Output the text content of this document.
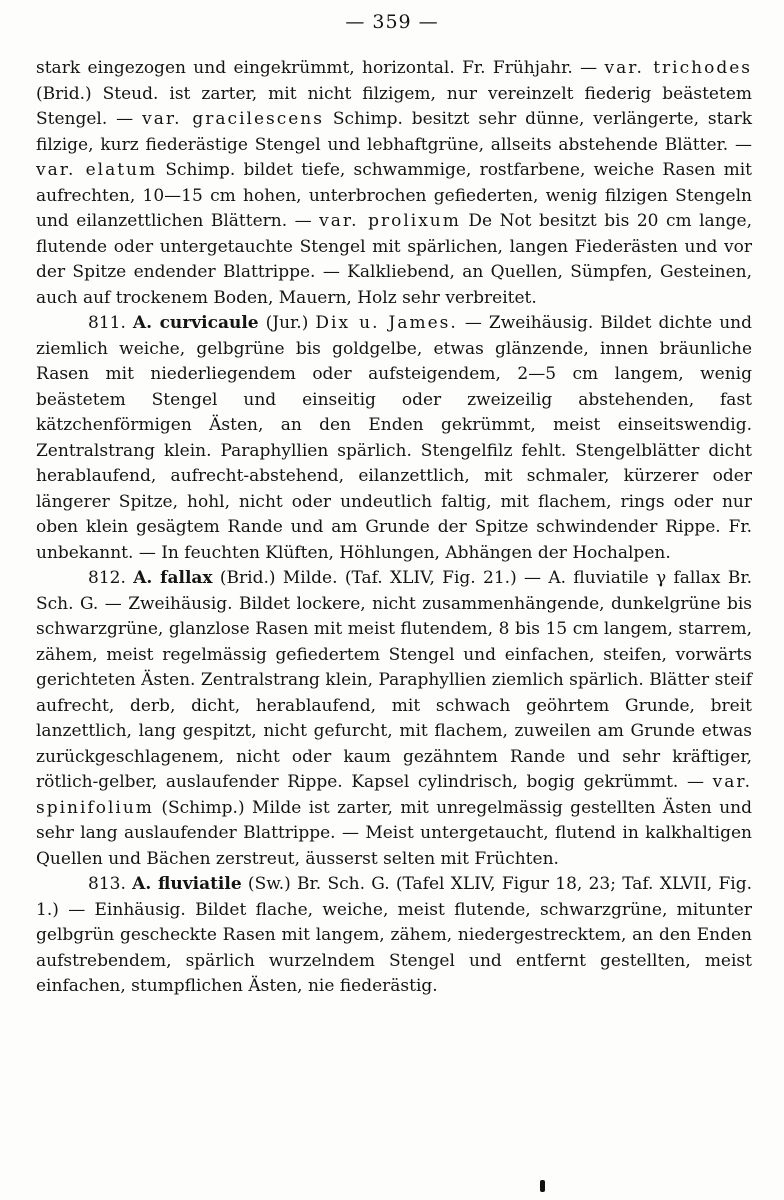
— 359 —

stark eingezogen und eingekrümmt, horizontal. Fr. Frühjahr. — var. trichodes (Brid.) Steud. ist zarter, mit nicht filzigem, nur vereinzelt fiederig beästetem Stengel. — var. gracilescens Schimp. besitzt sehr dünne, verlängerte, stark filzige, kurz fiederästige Stengel und lebhaftgrüne, allseits abstehende Blätter. — var. elatum Schimp. bildet tiefe, schwammige, rostfarbene, weiche Rasen mit aufrechten, 10—15 cm hohen, unterbrochen gefiederten, wenig filzigen Stengeln und eilanzettlichen Blättern. — var. prolixum De Not besitzt bis 20 cm lange, flutende oder untergetauchte Stengel mit spärlichen, langen Fiederästen und vor der Spitze endender Blattrippe. — Kalkliebend, an Quellen, Sümpfen, Gesteinen, auch auf trockenem Boden, Mauern, Holz sehr verbreitet.

811. A. curvicaule (Jur.) Dix u. James. — Zweihäusig. Bildet dichte und ziemlich weiche, gelbgrüne bis goldgelbe, etwas glänzende, innen bräunliche Rasen mit niederliegendem oder aufsteigendem, 2—5 cm langem, wenig beästetem Stengel und einseitig oder zweizeilig abstehenden, fast kätzchenförmigen Ästen, an den Enden gekrümmt, meist einseitswendig. Zentralstrang klein. Paraphyllien spärlich. Stengelfilz fehlt. Stengelblätter dicht herablaufend, aufrecht-abstehend, eilanzettlich, mit schmaler, kürzerer oder längerer Spitze, hohl, nicht oder undeutlich faltig, mit flachem, rings oder nur oben klein gesägtem Rande und am Grunde der Spitze schwindender Rippe. Fr. unbekannt. — In feuchten Klüften, Höhlungen, Abhängen der Hochalpen.

812. A. fallax (Brid.) Milde. (Taf. XLIV, Fig. 21.) — A. fluviatile γ fallax Br. Sch. G. — Zweihäusig. Bildet lockere, nicht zusammenhängende, dunkelgrüne bis schwarzgrüne, glanzlose Rasen mit meist flutendem, 8 bis 15 cm langem, starrem, zähem, meist regelmässig gefiedertem Stengel und einfachen, steifen, vorwärts gerichteten Ästen. Zentralstrang klein, Paraphyllien ziemlich spärlich. Blätter steif aufrecht, derb, dicht, herablaufend, mit schwach geöhrtem Grunde, breit lanzettlich, lang gespitzt, nicht gefurcht, mit flachem, zuweilen am Grunde etwas zurückgeschlagenem, nicht oder kaum gezähntem Rande und sehr kräftiger, rötlich-gelber, auslaufender Rippe. Kapsel cylindrisch, bogig gekrümmt. — var. spinifolium (Schimp.) Milde ist zarter, mit unregelmässig gestellten Ästen und sehr lang auslaufender Blattrippe. — Meist untergetaucht, flutend in kalkhaltigen Quellen und Bächen zerstreut, äusserst selten mit Früchten.

813. A. fluviatile (Sw.) Br. Sch. G. (Tafel XLIV, Figur 18, 23; Taf. XLVII, Fig. 1.) — Einhäusig. Bildet flache, weiche, meist flutende, schwarzgrüne, mitunter gelbgrün gescheckte Rasen mit langem, zähem, niedergestrecktem, an den Enden aufstrebendem, spärlich wurzelndem Stengel und entfernt gestellten, meist einfachen, stumpflichen Ästen, nie fiederästig.
